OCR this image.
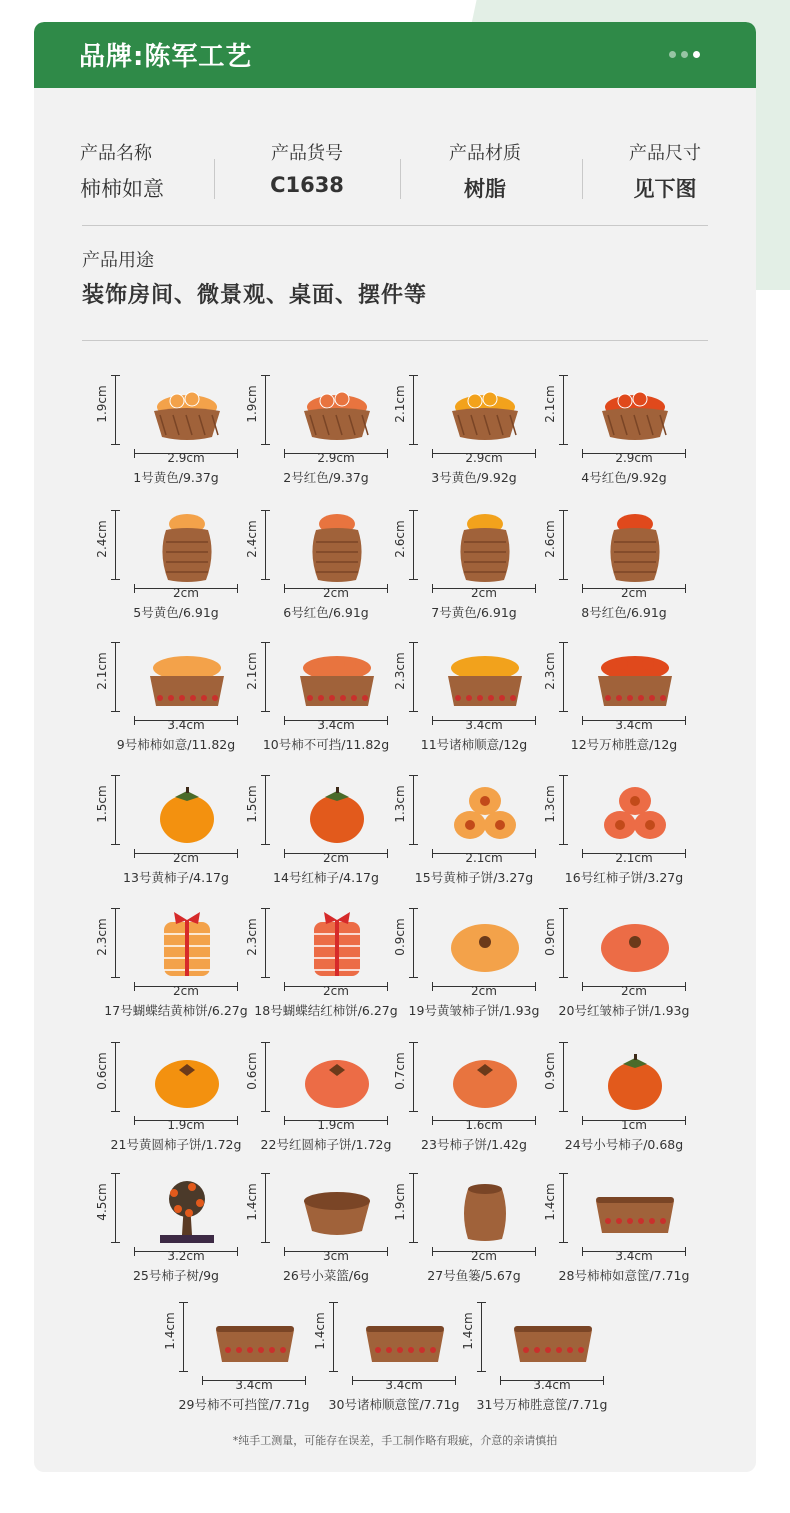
品牌:陈军工艺
产品名称
柿柿如意
产品货号
C1638
产品材质
树脂
产品尺寸
见下图
产品用途
装饰房间、微景观、桌面、摆件等
1.9cm
2.9cm
1号黄色/9.37g
1.9cm
2.9cm
2号红色/9.37g
2.1cm
2.9cm
3号黄色/9.92g
2.1cm
2.9cm
4号红色/9.92g
2.4cm
2cm
5号黄色/6.91g
2.4cm
2cm
6号红色/6.91g
2.6cm
2cm
7号黄色/6.91g
2.6cm
2cm
8号红色/6.91g
2.1cm
3.4cm
9号柿柿如意/11.82g
2.1cm
3.4cm
10号柿不可挡/11.82g
2.3cm
3.4cm
11号诸柿顺意/12g
2.3cm
3.4cm
12号万柿胜意/12g
1.5cm
2cm
13号黄柿子/4.17g
1.5cm
2cm
14号红柿子/4.17g
1.3cm
2.1cm
15号黄柿子饼/3.27g
1.3cm
2.1cm
16号红柿子饼/3.27g
2.3cm
2cm
17号蝴蝶结黄柿饼/6.27g
2.3cm
2cm
18号蝴蝶结红柿饼/6.27g
0.9cm
2cm
19号黄皱柿子饼/1.93g
0.9cm
2cm
20号红皱柿子饼/1.93g
0.6cm
1.9cm
21号黄圆柿子饼/1.72g
0.6cm
1.9cm
22号红圆柿子饼/1.72g
0.7cm
1.6cm
23号柿子饼/1.42g
0.9cm
1cm
24号小号柿子/0.68g
4.5cm
3.2cm
25号柿子树/9g
1.4cm
3cm
26号小菜篮/6g
1.9cm
2cm
27号鱼篓/5.67g
1.4cm
3.4cm
28号柿柿如意筐/7.71g
1.4cm
3.4cm
29号柿不可挡筐/7.71g
1.4cm
3.4cm
30号诸柿顺意筐/7.71g
1.4cm
3.4cm
31号万柿胜意筐/7.71g
*纯手工测量，可能存在误差，手工制作略有瑕疵，介意的亲请慎拍
